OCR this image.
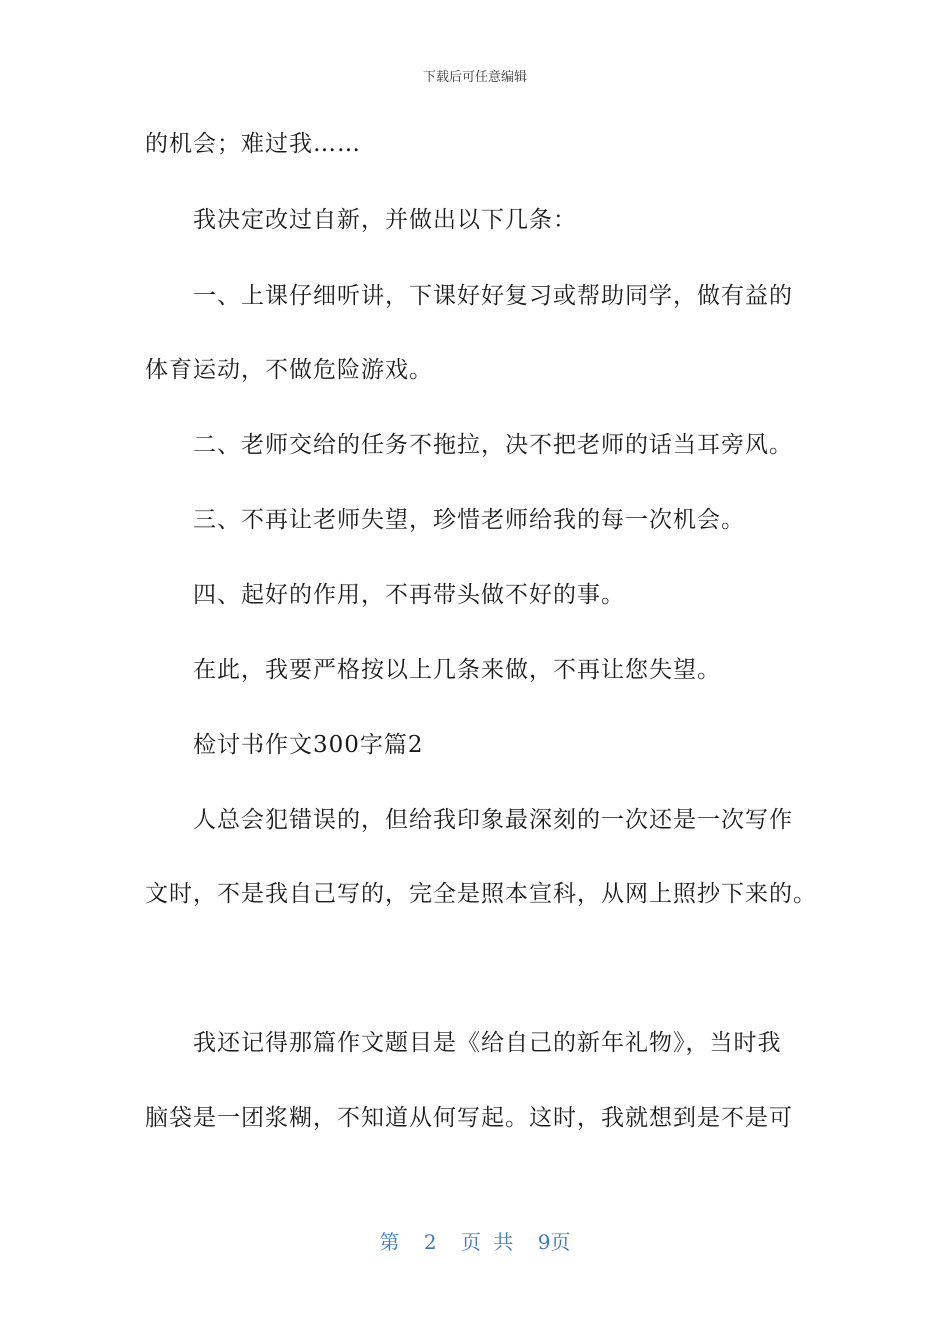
下载后可任意编辑
的机会；难过我……
我决定改过自新，并做出以下几条：
一、上课仔细听讲，下课好好复习或帮助同学，做有益的
体育运动，不做危险游戏。
二、老师交给的任务不拖拉，决不把老师的话当耳旁风。
三、不再让老师失望，珍惜老师给我的每一次机会。
四、起好的作用，不再带头做不好的事。
在此，我要严格按以上几条来做，不再让您失望。
检讨书作文300字篇2
人总会犯错误的，但给我印象最深刻的一次还是一次写作
文时，不是我自己写的，完全是照本宣科，从网上照抄下来的。
我还记得那篇作文题目是《给自己的新年礼物》，当时我
脑袋是一团浆糊，不知道从何写起。这时，我就想到是不是可
第 2 页 共 9页
